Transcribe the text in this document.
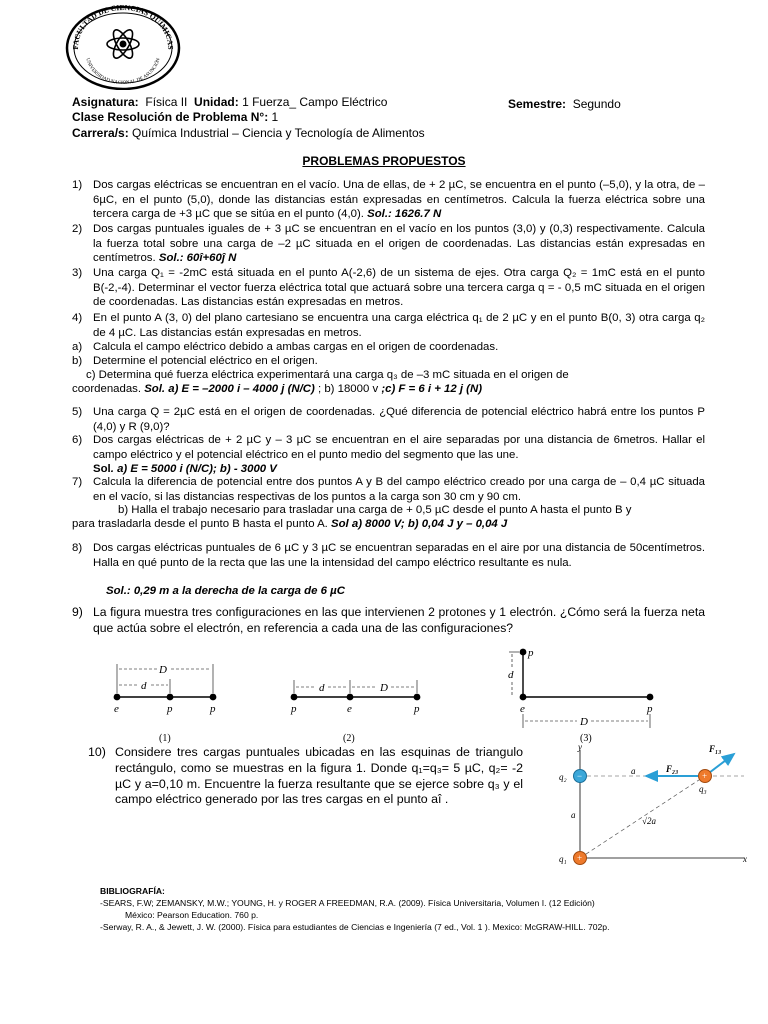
FACULTAD DE CIENCIAS QUÍMICAS
UNIVERSIDAD NACIONAL DE ASUNCIÓN
Asignatura: Física II Unidad: 1 Fuerza_ Campo Eléctrico	Semestre: Segundo
Clase Resolución de Problema N°: 1
Carrera/s: Química Industrial – Ciencia y Tecnología de Alimentos
PROBLEMAS PROPUESTOS
1) Dos cargas eléctricas se encuentran en el vacío. Una de ellas, de + 2 µC, se encuentra en el punto (–5,0), y la otra, de – 6µC, en el punto (5,0), donde las distancias están expresadas en centímetros. Calcula la fuerza eléctrica sobre una tercera carga de +3 µC que se sitúa en el punto (4,0). Sol.: 1626.7 N
2) Dos cargas puntuales iguales de + 3 µC se encuentran en el vacío en los puntos (3,0) y (0,3) respectivamente. Calcula la fuerza total sobre una carga de –2 µC situada en el origen de coordenadas. Las distancias están expresadas en centímetros. Sol.: 60î+60ĵ N
3) Una carga Q₁ = -2mC está situada en el punto A(-2,6) de un sistema de ejes. Otra carga Q₂ = 1mC está en el punto B(-2,-4). Determinar el vector fuerza eléctrica total que actuará sobre una tercera carga q = - 0,5 mC situada en el origen de coordenadas. Las distancias están expresadas en metros.
4) En el punto A (3, 0) del plano cartesiano se encuentra una carga eléctrica q₁ de 2 µC y en el punto B(0, 3) otra carga q₂ de 4 µC. Las distancias están expresadas en metros.
a) Calcula el campo eléctrico debido a ambas cargas en el origen de coordenadas.
b) Determine el potencial eléctrico en el origen.
c) Determina qué fuerza eléctrica experimentará una carga q₃ de –3 mC situada en el origen de
coordenadas. Sol. a) E = –2000 i – 4000 j (N/C) ; b) 18000 v ;c) F = 6 i + 12 j (N)
5) Una carga Q = 2µC está en el origen de coordenadas. ¿Qué diferencia de potencial eléctrico habrá entre los puntos P (4,0) y R (9,0)?
6) Dos cargas eléctricas de + 2 µC y – 3 µC se encuentran en el aire separadas por una distancia de 6metros. Hallar el campo eléctrico y el potencial eléctrico en el punto medio del segmento que las une.
Sol. a) E = 5000 i (N/C); b) - 3000 V
7) Calcula la diferencia de potencial entre dos puntos A y B del campo eléctrico creado por una carga de – 0,4 µC situada en el vacío, si las distancias respectivas de los puntos a la carga son 30 cm y 90 cm.
b) Halla el trabajo necesario para trasladar una carga de + 0,5 µC desde el punto A hasta el punto B y
para trasladarla desde el punto B hasta el punto A. Sol a) 8000 V; b) 0,04 J y – 0,04 J
8) Dos cargas eléctricas puntuales de 6 µC y 3 µC se encuentran separadas en el aire por una distancia de 50centímetros. Halla en qué punto de la recta que las une la intensidad del campo eléctrico resultante es nula.
Sol.: 0,29 m a la derecha de la carga de 6 µC
9) La figura muestra tres configuraciones en las que intervienen 2 protones y 1 electrón. ¿Cómo será la fuerza neta que actúa sobre el electrón, en referencia a cada una de las configuraciones?
D
d
e	p	p
(1)
d	D
p	e	p
(2)
d
p
D
e	p
(3)
10) Considere tres cargas puntuales ubicadas en las esquinas de triangulo rectángulo, como se muestras en la figura 1. Donde q₁=q₃= 5 µC, q₂= -2 µC y a=0,10 m. Encuentre la fuerza resultante que se ejerce sobre q₃ y el campo eléctrico generado por las tres cargas en el punto aî .
y
x
−
+
+
q₂
q₁
q₃
a
a
F₂₃
F₁₃
√2a
BIBLIOGRAFÍA:
-SEARS, F.W; ZEMANSKY, M.W.; YOUNG, H. y ROGER A FREEDMAN, R.A. (2009). Física Universitaria, Volumen I. (12 Edición)
México: Pearson Education. 760 p.
-Serway, R. A., & Jewett, J. W. (2000). Física para estudiantes de Ciencias e Ingeniería (7 ed., Vol. 1 ). Mexico: McGRAW-HILL. 702p.
